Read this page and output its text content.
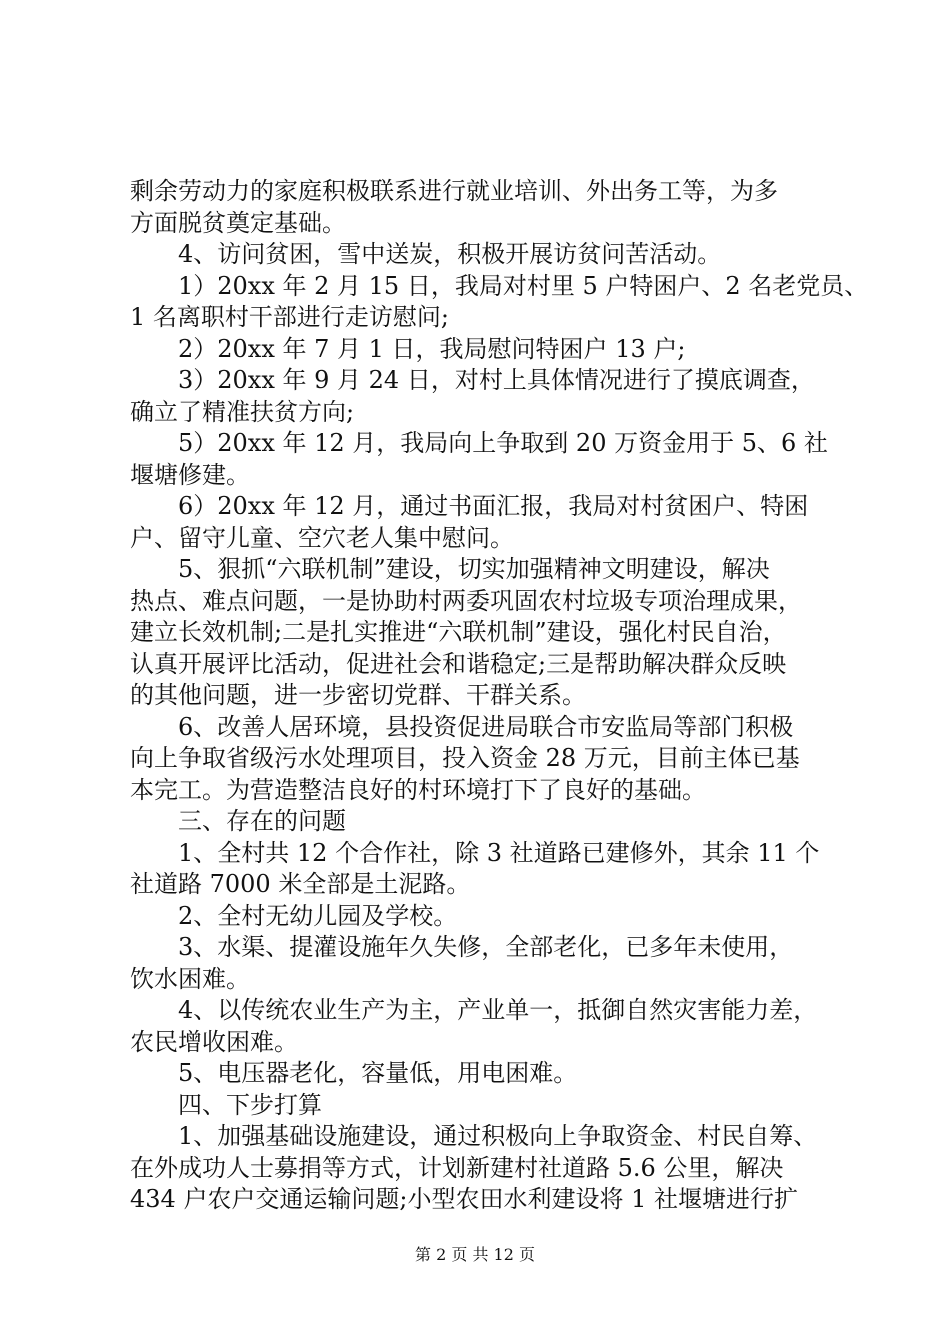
剩余劳动力的家庭积极联系进行就业培训、外出务工等，为多
方面脱贫奠定基础。
4、访问贫困，雪中送炭，积极开展访贫问苦活动。
1）20xx 年 2 月 15 日，我局对村里 5 户特困户、2 名老党员、
1 名离职村干部进行走访慰问;
2）20xx 年 7 月 1 日，我局慰问特困户 13 户;
3）20xx 年 9 月 24 日，对村上具体情况进行了摸底调查，
确立了精准扶贫方向;
5）20xx 年 12 月，我局向上争取到 20 万资金用于 5、6 社
堰塘修建。
6）20xx 年 12 月，通过书面汇报，我局对村贫困户、特困
户、留守儿童、空穴老人集中慰问。
5、狠抓“六联机制”建设，切实加强精神文明建设，解决
热点、难点问题，一是协助村两委巩固农村垃圾专项治理成果，
建立长效机制;二是扎实推进“六联机制”建设，强化村民自治，
认真开展评比活动，促进社会和谐稳定;三是帮助解决群众反映
的其他问题，进一步密切党群、干群关系。
6、改善人居环境，县投资促进局联合市安监局等部门积极
向上争取省级污水处理项目，投入资金 28 万元，目前主体已基
本完工。为营造整洁良好的村环境打下了良好的基础。
三、存在的问题
1、全村共 12 个合作社，除 3 社道路已建修外，其余 11 个
社道路 7000 米全部是土泥路。
2、全村无幼儿园及学校。
3、水渠、提灌设施年久失修，全部老化，已多年未使用，
饮水困难。
4、以传统农业生产为主，产业单一，抵御自然灾害能力差，
农民增收困难。
5、电压器老化，容量低，用电困难。
四、下步打算
1、加强基础设施建设，通过积极向上争取资金、村民自筹、
在外成功人士募捐等方式，计划新建村社道路 5.6 公里，解决
434 户农户交通运输问题;小型农田水利建设将 1 社堰塘进行扩
第 2 页 共 12 页
